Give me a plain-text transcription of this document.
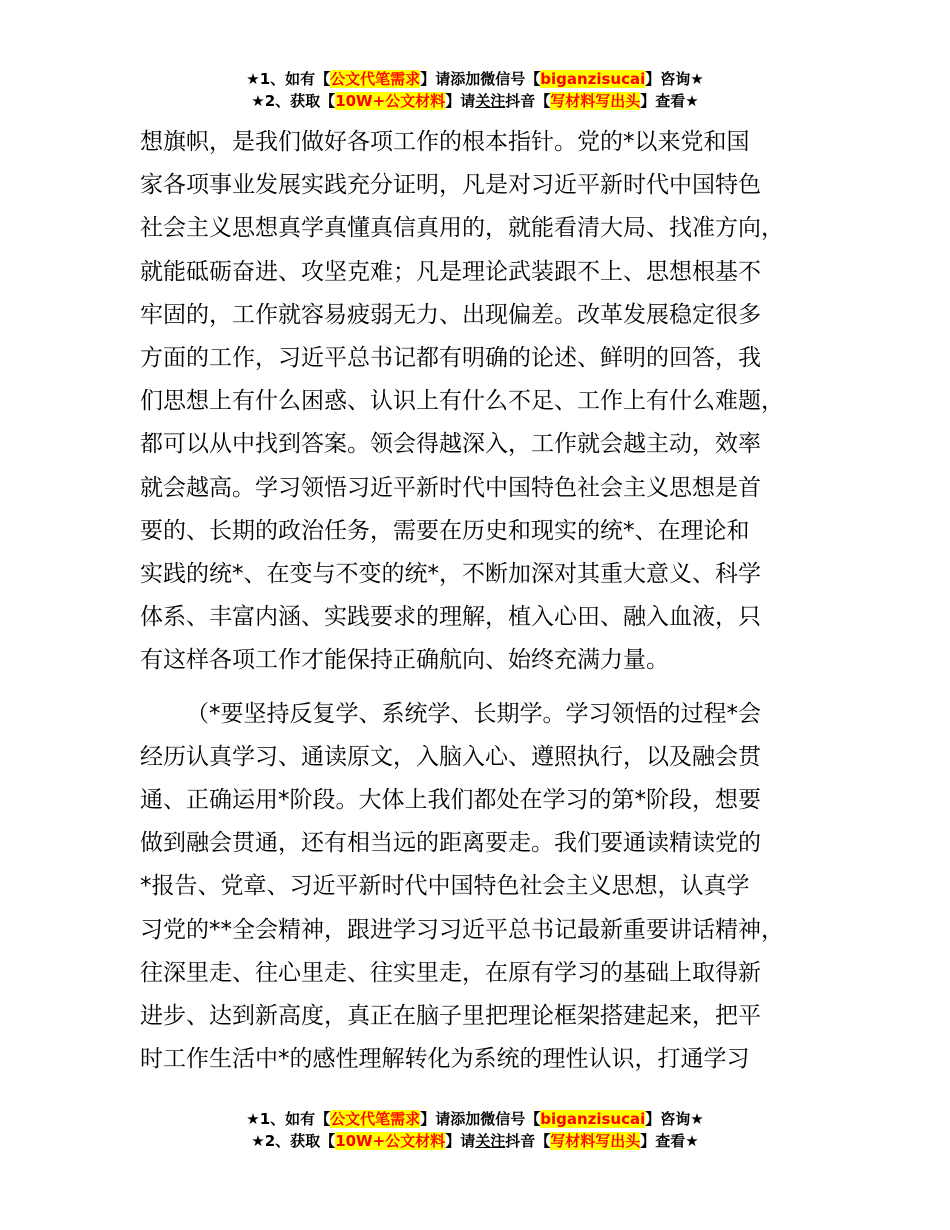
★1、如有【公文代笔需求】请添加微信号【biganzisucai】咨询★
★2、获取【10W+公文材料】请关注抖音【写材料写出头】查看★

想旗帜，是我们做好各项工作的根本指针。党的*以来党和国
家各项事业发展实践充分证明，凡是对习近平新时代中国特色
社会主义思想真学真懂真信真用的，就能看清大局、找准方向，
就能砥砺奋进、攻坚克难；凡是理论武装跟不上、思想根基不
牢固的，工作就容易疲弱无力、出现偏差。改革发展稳定很多
方面的工作，习近平总书记都有明确的论述、鲜明的回答，我
们思想上有什么困惑、认识上有什么不足、工作上有什么难题，
都可以从中找到答案。领会得越深入，工作就会越主动，效率
就会越高。学习领悟习近平新时代中国特色社会主义思想是首
要的、长期的政治任务，需要在历史和现实的统*、在理论和
实践的统*、在变与不变的统*，不断加深对其重大意义、科学
体系、丰富内涵、实践要求的理解，植入心田、融入血液，只
有这样各项工作才能保持正确航向、始终充满力量。

（*要坚持反复学、系统学、长期学。学习领悟的过程*会
经历认真学习、通读原文，入脑入心、遵照执行，以及融会贯
通、正确运用*阶段。大体上我们都处在学习的第*阶段，想要
做到融会贯通，还有相当远的距离要走。我们要通读精读党的
*报告、党章、习近平新时代中国特色社会主义思想，认真学
习党的**全会精神，跟进学习习近平总书记最新重要讲话精神，
往深里走、往心里走、往实里走，在原有学习的基础上取得新
进步、达到新高度，真正在脑子里把理论框架搭建起来，把平
时工作生活中*的感性理解转化为系统的理性认识，打通学习

★1、如有【公文代笔需求】请添加微信号【biganzisucai】咨询★
★2、获取【10W+公文材料】请关注抖音【写材料写出头】查看★
